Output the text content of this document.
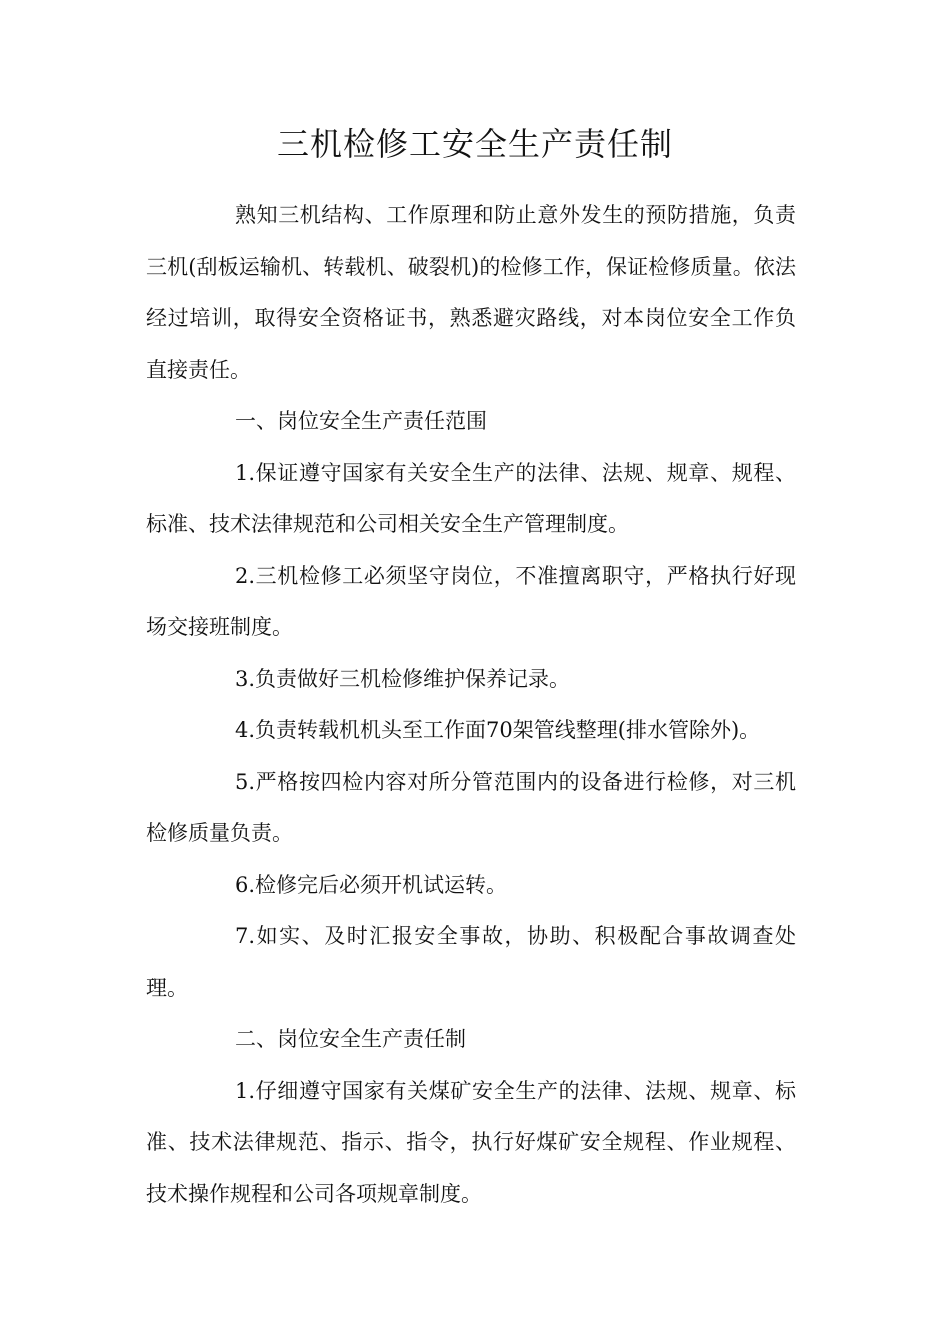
三机检修工安全生产责任制

熟知三机结构、工作原理和防止意外发生的预防措施，负责三机(刮板运输机、转载机、破裂机)的检修工作，保证检修质量。依法经过培训，取得安全资格证书，熟悉避灾路线，对本岗位安全工作负直接责任。

一、岗位安全生产责任范围

1.保证遵守国家有关安全生产的法律、法规、规章、规程、标准、技术法律规范和公司相关安全生产管理制度。

2.三机检修工必须坚守岗位，不准擅离职守，严格执行好现场交接班制度。

3.负责做好三机检修维护保养记录。

4.负责转载机机头至工作面70架管线整理(排水管除外)。

5.严格按四检内容对所分管范围内的设备进行检修，对三机检修质量负责。

6.检修完后必须开机试运转。

7.如实、及时汇报安全事故，协助、积极配合事故调查处理。

二、岗位安全生产责任制

1.仔细遵守国家有关煤矿安全生产的法律、法规、规章、标准、技术法律规范、指示、指令，执行好煤矿安全规程、作业规程、技术操作规程和公司各项规章制度。
